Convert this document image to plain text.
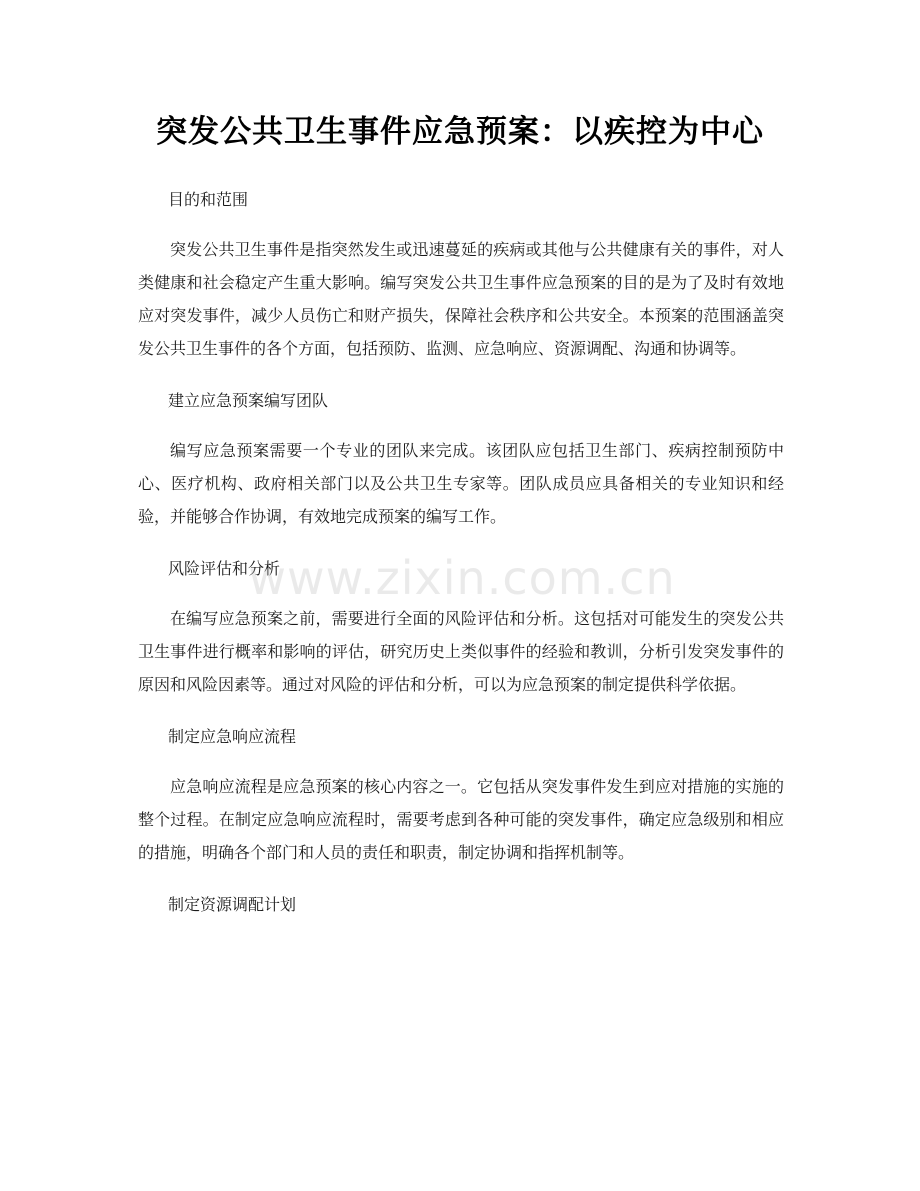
突发公共卫生事件应急预案：以疾控为中心

目的和范围

突发公共卫生事件是指突然发生或迅速蔓延的疾病或其他与公共健康有关的事件，对人类健康和社会稳定产生重大影响。编写突发公共卫生事件应急预案的目的是为了及时有效地应对突发事件，减少人员伤亡和财产损失，保障社会秩序和公共安全。本预案的范围涵盖突发公共卫生事件的各个方面，包括预防、监测、应急响应、资源调配、沟通和协调等。

建立应急预案编写团队

编写应急预案需要一个专业的团队来完成。该团队应包括卫生部门、疾病控制预防中心、医疗机构、政府相关部门以及公共卫生专家等。团队成员应具备相关的专业知识和经验，并能够合作协调，有效地完成预案的编写工作。

风险评估和分析

在编写应急预案之前，需要进行全面的风险评估和分析。这包括对可能发生的突发公共卫生事件进行概率和影响的评估，研究历史上类似事件的经验和教训，分析引发突发事件的原因和风险因素等。通过对风险的评估和分析，可以为应急预案的制定提供科学依据。

制定应急响应流程

应急响应流程是应急预案的核心内容之一。它包括从突发事件发生到应对措施的实施的整个过程。在制定应急响应流程时，需要考虑到各种可能的突发事件，确定应急级别和相应的措施，明确各个部门和人员的责任和职责，制定协调和指挥机制等。

制定资源调配计划

www.zixin.com.cn
